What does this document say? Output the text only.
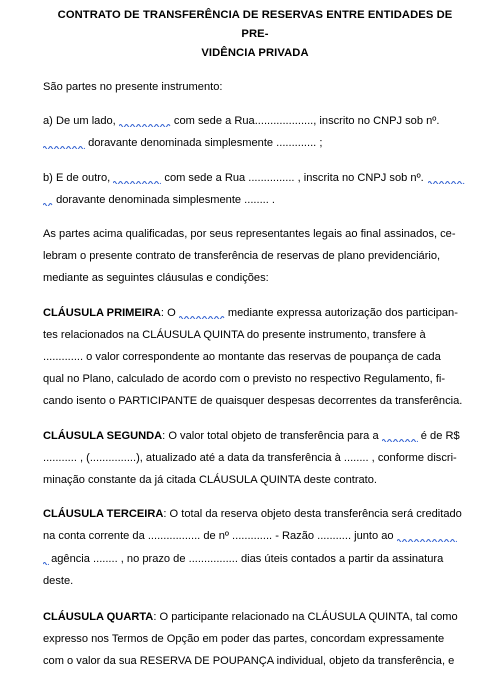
CONTRATO DE TRANSFERÊNCIA DE RESERVAS ENTRE ENTIDADES DE PRE-
VIDÊNCIA PRIVADA

São partes no presente instrumento:

a) De um lado,	com sede a Rua..................., inscrito no CNPJ sob nº.

doravante denominada simplesmente ............. ;

b) E de outro,	com sede a Rua ............... , inscrita no CNPJ sob nº.

doravante denominada simplesmente ........ .

As partes acima qualificadas, por seus representantes legais ao final assinados, ce-
lebram o presente contrato de transferência de reservas de plano previdenciário,
mediante as seguintes cláusulas e condições:

CLÁUSULA PRIMEIRA: O	mediante expressa autorização dos participan-
tes relacionados na CLÁUSULA QUINTA do presente instrumento, transfere à
............. o valor correspondente ao montante das reservas de poupança de cada
qual no Plano, calculado de acordo com o previsto no respectivo Regulamento, fi-
cando isento o PARTICIPANTE de quaisquer despesas decorrentes da transferência.

CLÁUSULA SEGUNDA: O valor total objeto de transferência para a	é de R$
........... , (...............), atualizado até a data da transferência à ........ , conforme discri-
minação constante da já citada CLÁUSULA QUINTA deste contrato.

CLÁUSULA TERCEIRA: O total da reserva objeto desta transferência será creditado
na conta corrente da ................. de nº ............. - Razão ........... junto ao

agência ........ , no prazo de ................ dias úteis contados a partir da assinatura
deste.

CLÁUSULA QUARTA: O participante relacionado na CLÁUSULA QUINTA, tal como
expresso nos Termos de Opção em poder das partes, concordam expressamente
com o valor da sua RESERVA DE POUPANÇA individual, objeto da transferência, e
